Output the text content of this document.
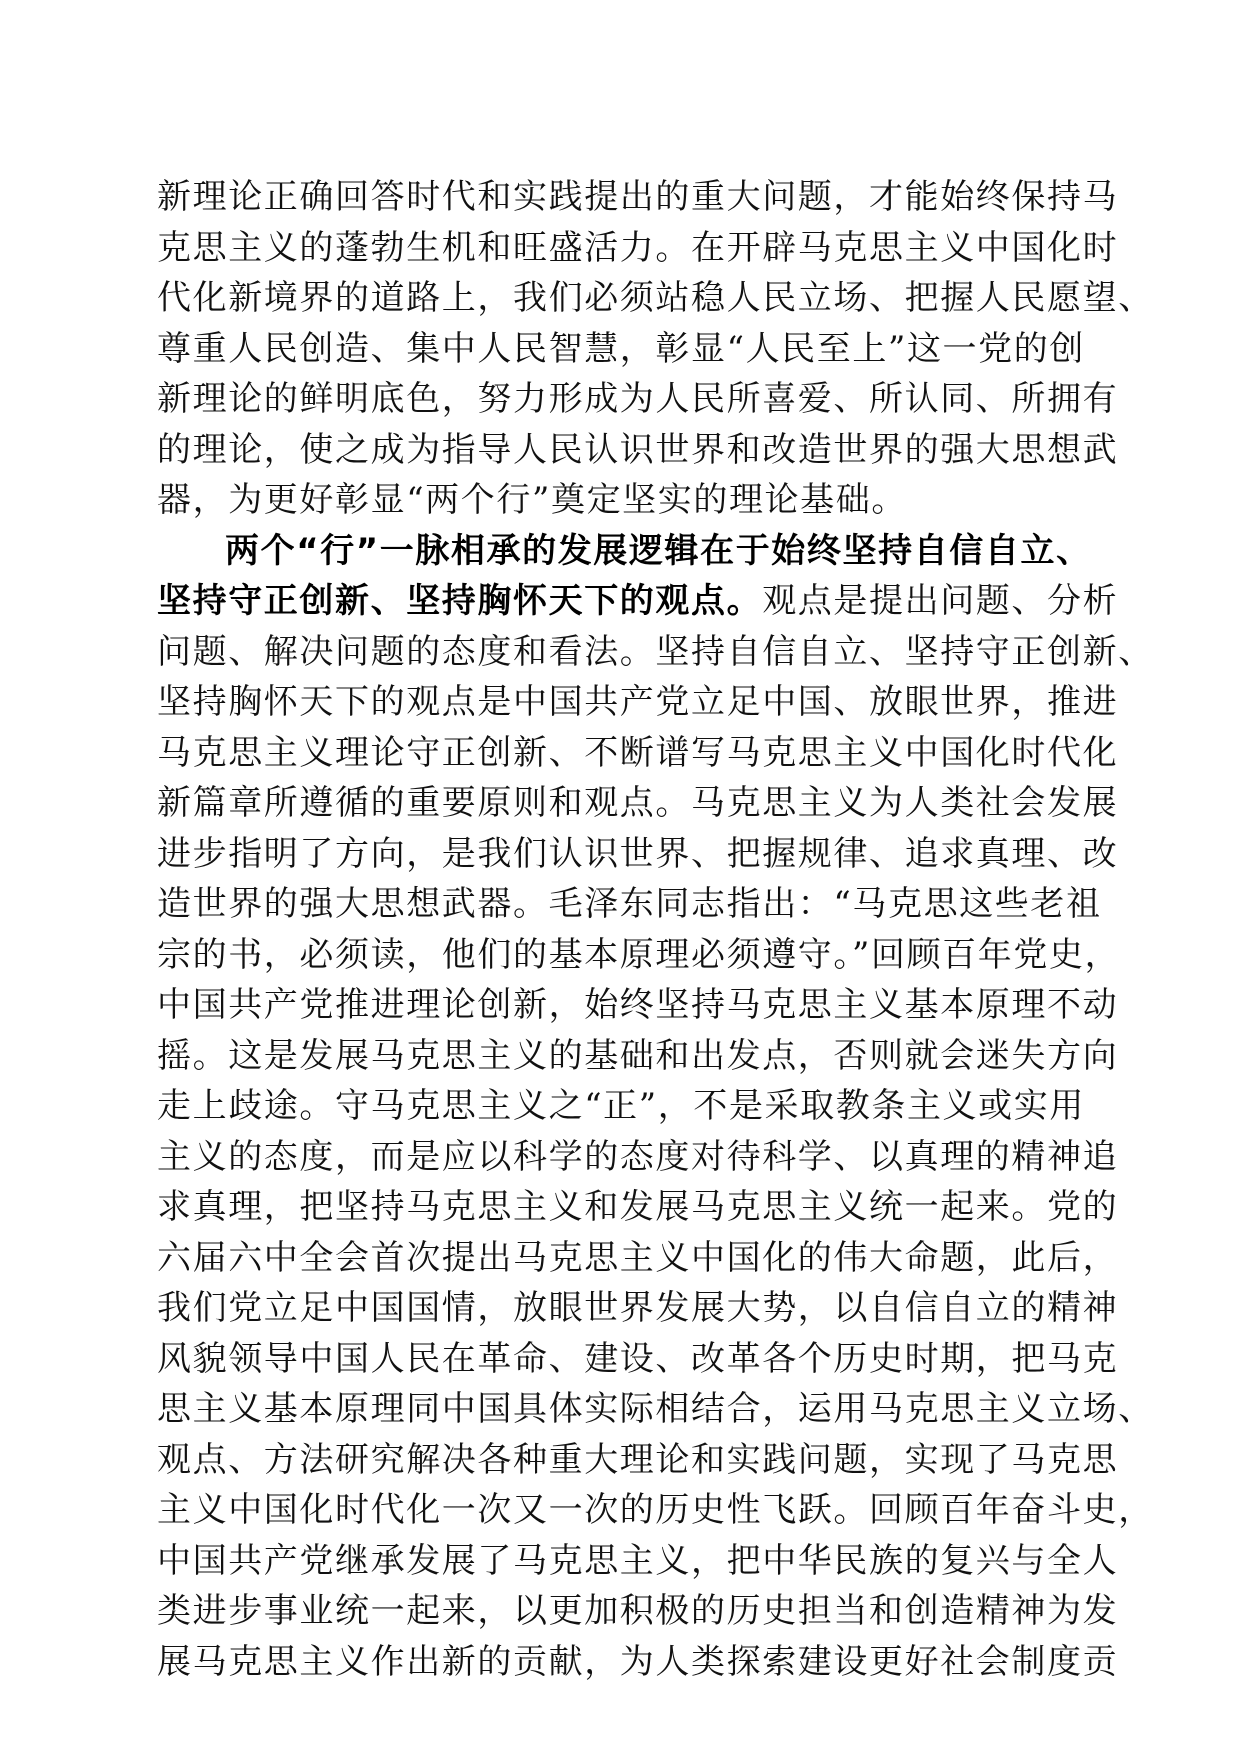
新理论正确回答时代和实践提出的重大问题，才能始终保持马
克思主义的蓬勃生机和旺盛活力。在开辟马克思主义中国化时
代化新境界的道路上，我们必须站稳人民立场、把握人民愿望、
尊重人民创造、集中人民智慧，彰显“人民至上”这一党的创
新理论的鲜明底色，努力形成为人民所喜爱、所认同、所拥有
的理论，使之成为指导人民认识世界和改造世界的强大思想武
器，为更好彰显“两个行”奠定坚实的理论基础。
两个“行”一脉相承的发展逻辑在于始终坚持自信自立、
坚持守正创新、坚持胸怀天下的观点。观点是提出问题、分析
问题、解决问题的态度和看法。坚持自信自立、坚持守正创新、
坚持胸怀天下的观点是中国共产党立足中国、放眼世界，推进
马克思主义理论守正创新、不断谱写马克思主义中国化时代化
新篇章所遵循的重要原则和观点。马克思主义为人类社会发展
进步指明了方向，是我们认识世界、把握规律、追求真理、改
造世界的强大思想武器。毛泽东同志指出：“马克思这些老祖
宗的书，必须读，他们的基本原理必须遵守。”回顾百年党史，
中国共产党推进理论创新，始终坚持马克思主义基本原理不动
摇。这是发展马克思主义的基础和出发点，否则就会迷失方向
走上歧途。守马克思主义之“正”，不是采取教条主义或实用
主义的态度，而是应以科学的态度对待科学、以真理的精神追
求真理，把坚持马克思主义和发展马克思主义统一起来。党的
六届六中全会首次提出马克思主义中国化的伟大命题，此后，
我们党立足中国国情，放眼世界发展大势，以自信自立的精神
风貌领导中国人民在革命、建设、改革各个历史时期，把马克
思主义基本原理同中国具体实际相结合，运用马克思主义立场、
观点、方法研究解决各种重大理论和实践问题，实现了马克思
主义中国化时代化一次又一次的历史性飞跃。回顾百年奋斗史，
中国共产党继承发展了马克思主义，把中华民族的复兴与全人
类进步事业统一起来，以更加积极的历史担当和创造精神为发
展马克思主义作出新的贡献，为人类探索建设更好社会制度贡
